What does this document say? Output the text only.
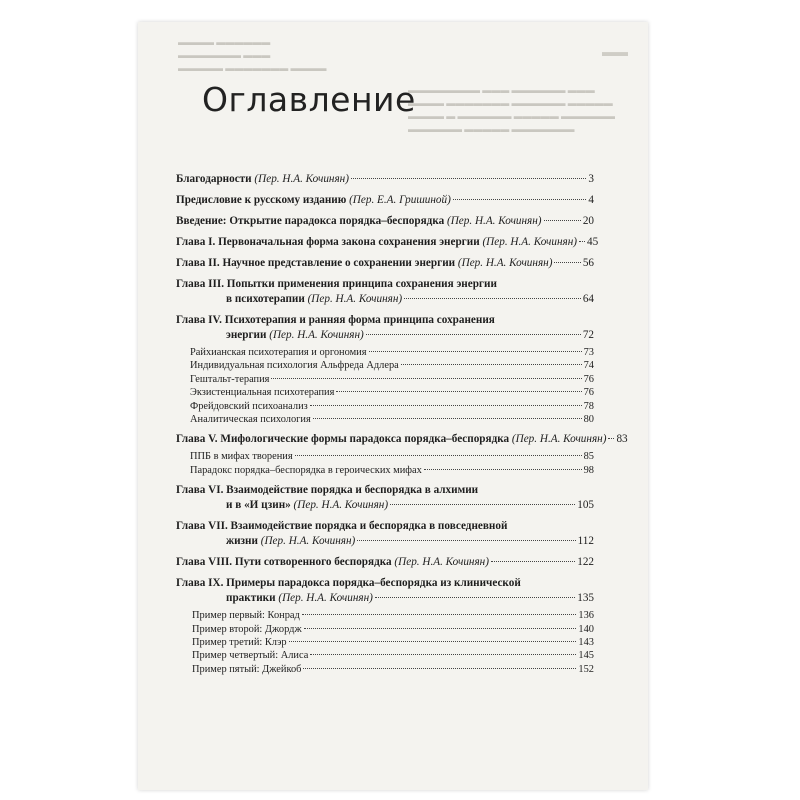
▬▬▬▬ ▬▬▬▬▬▬
▬▬▬▬▬▬▬ ▬▬▬
▬▬▬▬▬ ▬▬▬▬▬▬▬ ▬▬▬▬
▬▬▬▬▬▬▬▬ ▬▬▬ ▬▬▬▬▬▬ ▬▬▬
▬▬▬▬ ▬▬▬▬▬▬▬ ▬▬▬▬▬▬ ▬▬▬▬▬
▬▬▬▬ ▬ ▬▬▬▬▬▬ ▬▬▬▬▬ ▬▬▬▬▬▬
▬▬▬▬▬▬ ▬▬▬▬▬ ▬▬▬▬▬▬▬
▬▬
Оглавление
Благодарности (Пер. Н.А. Кочинян)	3
Предисловие к русскому изданию (Пер. Е.А. Гришиной)	4
Введение: Открытие парадокса порядка–беспорядка (Пер. Н.А. Кочинян)	20
Глава I. Первоначальная форма закона сохранения энергии (Пер. Н.А. Кочинян) 45
Глава II. Научное представление о сохранении энергии (Пер. Н.А. Кочинян)	56
Глава III. Попытки применения принципа сохранения энергии
в психотерапии (Пер. Н.А. Кочинян)	64
Глава IV. Психотерапия и ранняя форма принципа сохранения
энергии (Пер. Н.А. Кочинян)	72
Райхианская психотерапия и оргономия	73
Индивидуальная психология Альфреда Адлера	74
Гештальт-терапия	76
Экзистенциальная психотерапия	76
Фрейдовский психоанализ	78
Аналитическая психология	80
Глава V. Мифологические формы парадокса порядка–беспорядка (Пер. Н.А. Кочинян) 83
ППБ в мифах творения	85
Парадокс порядка–беспорядка в героических мифах	98
Глава VI. Взаимодействие порядка и беспорядка в алхимии
и в «И цзин» (Пер. Н.А. Кочинян)	105
Глава VII. Взаимодействие порядка и беспорядка в повседневной
жизни (Пер. Н.А. Кочинян)	112
Глава VIII. Пути сотворенного беспорядка (Пер. Н.А. Кочинян)	122
Глава IX. Примеры парадокса порядка–беспорядка из клинической
практики (Пер. Н.А. Кочинян)	135
Пример первый: Конрад	136
Пример второй: Джордж	140
Пример третий: Клэр	143
Пример четвертый: Алиса	145
Пример пятый: Джейкоб	152
